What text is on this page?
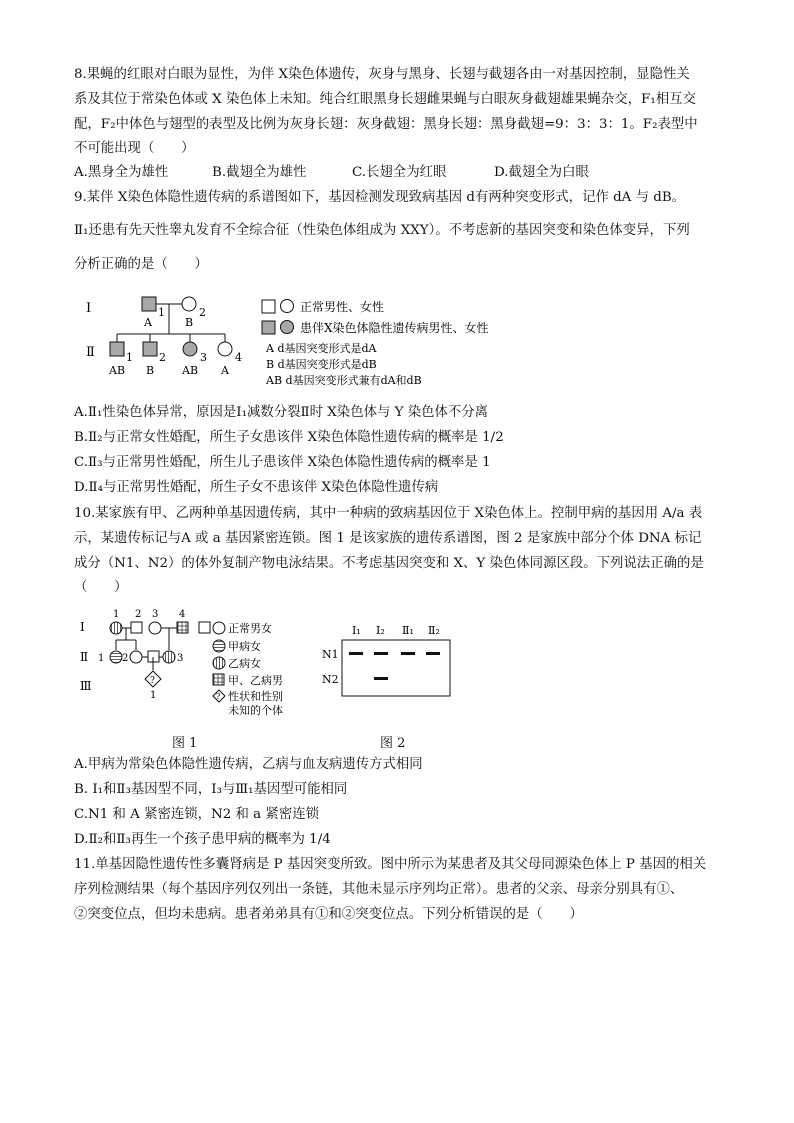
8.果蝇的红眼对白眼为显性，为伴 X染色体遗传，灰身与黑身、长翅与截翅各由一对基因控制，显隐性关
系及其位于常染色体或 X 染色体上未知。纯合红眼黑身长翅雌果蝇与白眼灰身截翅雄果蝇杂交，F₁相互交
配，F₂中体色与翅型的表型及比例为灰身长翅：灰身截翅：黑身长翅：黑身截翅=9：3：3：1。F₂表型中
不可能出现（　　）
A.黑身全为雄性	B.截翅全为雄性	C.长翅全为红眼	D.截翅全为白眼
9.某伴 X染色体隐性遗传病的系谱图如下，基因检测发现致病基因 d有两种突变形式，记作 dA 与 dB。
Ⅱ₁还患有先天性睾丸发育不全综合征（性染色体组成为 XXY）。不考虑新的基因突变和染色体变异，下列
分析正确的是（　　）
Ⅰ
Ⅱ
1	2
A	B
1 2	3	4
AB B	AB A
正常男性、女性
患伴X染色体隐性遗传病男性、女性
A d基因突变形式是dA
B d基因突变形式是dB
AB d基因突变形式兼有dA和dB
A.Ⅱ₁性染色体异常，原因是Ⅰ₁减数分裂Ⅱ时 X染色体与 Y 染色体不分离
B.Ⅱ₂与正常女性婚配，所生子女患该伴 X染色体隐性遗传病的概率是 1/2
C.Ⅱ₃与正常男性婚配，所生儿子患该伴 X染色体隐性遗传病的概率是 1
D.Ⅱ₄与正常男性婚配，所生子女不患该伴 X染色体隐性遗传病
10.某家族有甲、乙两种单基因遗传病，其中一种病的致病基因位于 X染色体上。控制甲病的基因用 A/a 表
示，某遗传标记与A 或 a 基因紧密连锁。图 1 是该家族的遗传系谱图，图 2 是家族中部分个体 DNA 标记
成分（N1、N2）的体外复制产物电泳结果。不考虑基因突变和 X、Y 染色体同源区段。下列说法正确的是
（　　）
Ⅰ
Ⅱ
Ⅲ
1 2 3 4
1 2	3
?
1
正常男女
甲病女
乙病女
甲、乙病男
? 性状和性别
未知的个体
Ⅰ₁ Ⅰ₂ Ⅱ₁ Ⅱ₂
N1
N2
图 1	图 2
A.甲病为常染色体隐性遗传病，乙病与血友病遗传方式相同
B. Ⅰ₁和Ⅱ₃基因型不同，Ⅰ₃与Ⅲ₁基因型可能相同
C.N1 和 A 紧密连锁，N2 和 a 紧密连锁
D.Ⅱ₂和Ⅱ₃再生一个孩子患甲病的概率为 1/4
11.单基因隐性遗传性多囊肾病是 P 基因突变所致。图中所示为某患者及其父母同源染色体上 P 基因的相关
序列检测结果（每个基因序列仅列出一条链，其他未显示序列均正常）。患者的父亲、母亲分别具有①、
②突变位点，但均未患病。患者弟弟具有①和②突变位点。下列分析错误的是（　　）
